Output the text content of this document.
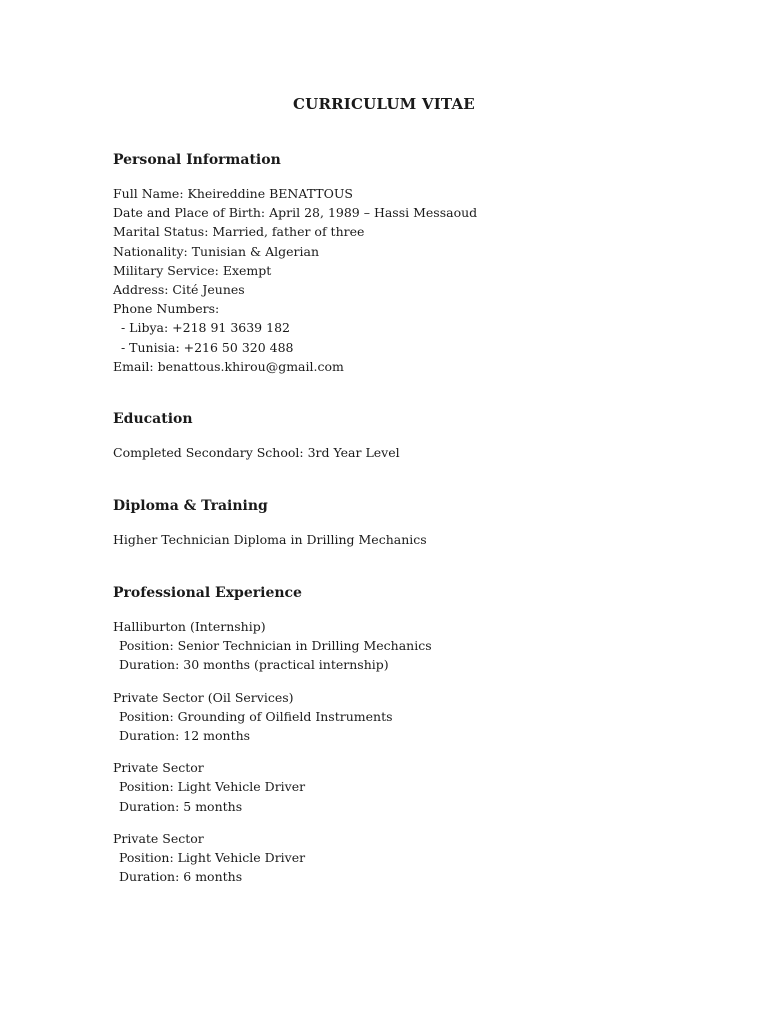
CURRICULUM VITAE
Personal Information
Full Name: Kheireddine BENATTOUS
Date and Place of Birth: April 28, 1989 – Hassi Messaoud
Marital Status: Married, father of three
Nationality: Tunisian & Algerian
Military Service: Exempt
Address: Cité Jeunes
Phone Numbers:
- Libya: +218 91 3639 182
- Tunisia: +216 50 320 488
Email: benattous.khirou@gmail.com
Education
Completed Secondary School: 3rd Year Level
Diploma & Training
Higher Technician Diploma in Drilling Mechanics
Professional Experience
Halliburton (Internship)
Position: Senior Technician in Drilling Mechanics
Duration: 30 months (practical internship)
Private Sector (Oil Services)
Position: Grounding of Oilfield Instruments
Duration: 12 months
Private Sector
Position: Light Vehicle Driver
Duration: 5 months
Private Sector
Position: Light Vehicle Driver
Duration: 6 months
